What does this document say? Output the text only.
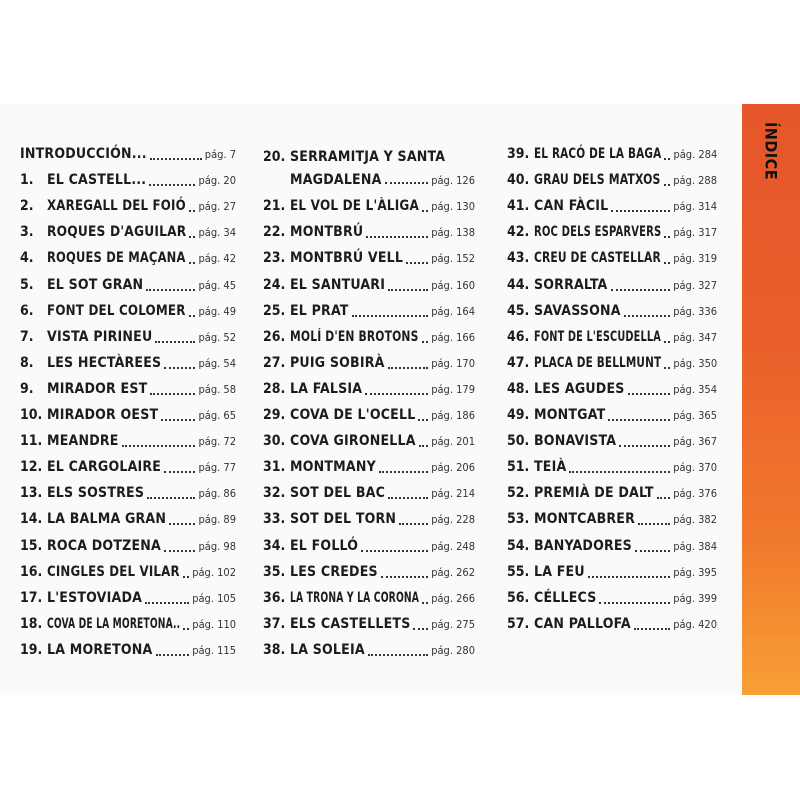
ÍNDICE
INTRODUCCIÓN...	pág. 7
1. EL CASTELL...	pág. 20
2. XAREGALL DEL FOIÓ pág. 27
3. ROQUES D'AGUILAR pág. 34
4. ROQUES DE MAÇANA pág. 42
5. EL SOT GRAN	pág. 45
6. FONT DEL COLOMER pág. 49
7. VISTA PIRINEU	pág. 52
8. LES HECTÀREES	pág. 54
9. MIRADOR EST	pág. 58
10. MIRADOR OEST	pág. 65
11. MEANDRE	pág. 72
12. EL CARGOLAIRE	pág. 77
13. ELS SOSTRES	pág. 86
14. LA BALMA GRAN	pág. 89
15. ROCA DOTZENA	pág. 98
16. CINGLES DEL VILAR pág. 102
17. L'ESTOVIADA	pág. 105
18. COVA DE LA MORETONA.. pág. 110
19. LA MORETONA	pág. 115
20. SERRAMITJA Y SANTA
MAGDALENA	pág. 126
21. EL VOL DE L'ÀLIGA pág. 130
22. MONTBRÚ	pág. 138
23. MONTBRÚ VELL	pág. 152
24. EL SANTUARI	pág. 160
25. EL PRAT	pág. 164
26. MOLÍ D'EN BROTONS pág. 166
27. PUIG SOBIRÀ	pág. 170
28. LA FALSIA	pág. 179
29. COVA DE L'OCELL pág. 186
30. COVA GIRONELLA pág. 201
31. MONTMANY	pág. 206
32. SOT DEL BAC	pág. 214
33. SOT DEL TORN	pág. 228
34. EL FOLLÓ	pág. 248
35. LES CREDES	pág. 262
36. LA TRONA Y LA CORONA pág. 266
37. ELS CASTELLETS pág. 275
38. LA SOLEIA	pág. 280
39. EL RACÓ DE LA BAGA pág. 284
40. GRAU DELS MATXOS pág. 288
41. CAN FÀCIL	pág. 314
42. ROC DELS ESPARVERS pág. 317
43. CREU DE CASTELLAR pág. 319
44. SORRALTA	pág. 327
45. SAVASSONA	pág. 336
46. FONT DE L'ESCUDELLA pág. 347
47. PLACA DE BELLMUNT pág. 350
48. LES AGUDES	pág. 354
49. MONTGAT	pág. 365
50. BONAVISTA	pág. 367
51. TEIÀ	pág. 370
52. PREMIÀ DE DALT pág. 376
53. MONTCABRER	pág. 382
54. BANYADORES	pág. 384
55. LA FEU	pág. 395
56. CÉLLECS	pág. 399
57. CAN PALLOFA	pág. 420
